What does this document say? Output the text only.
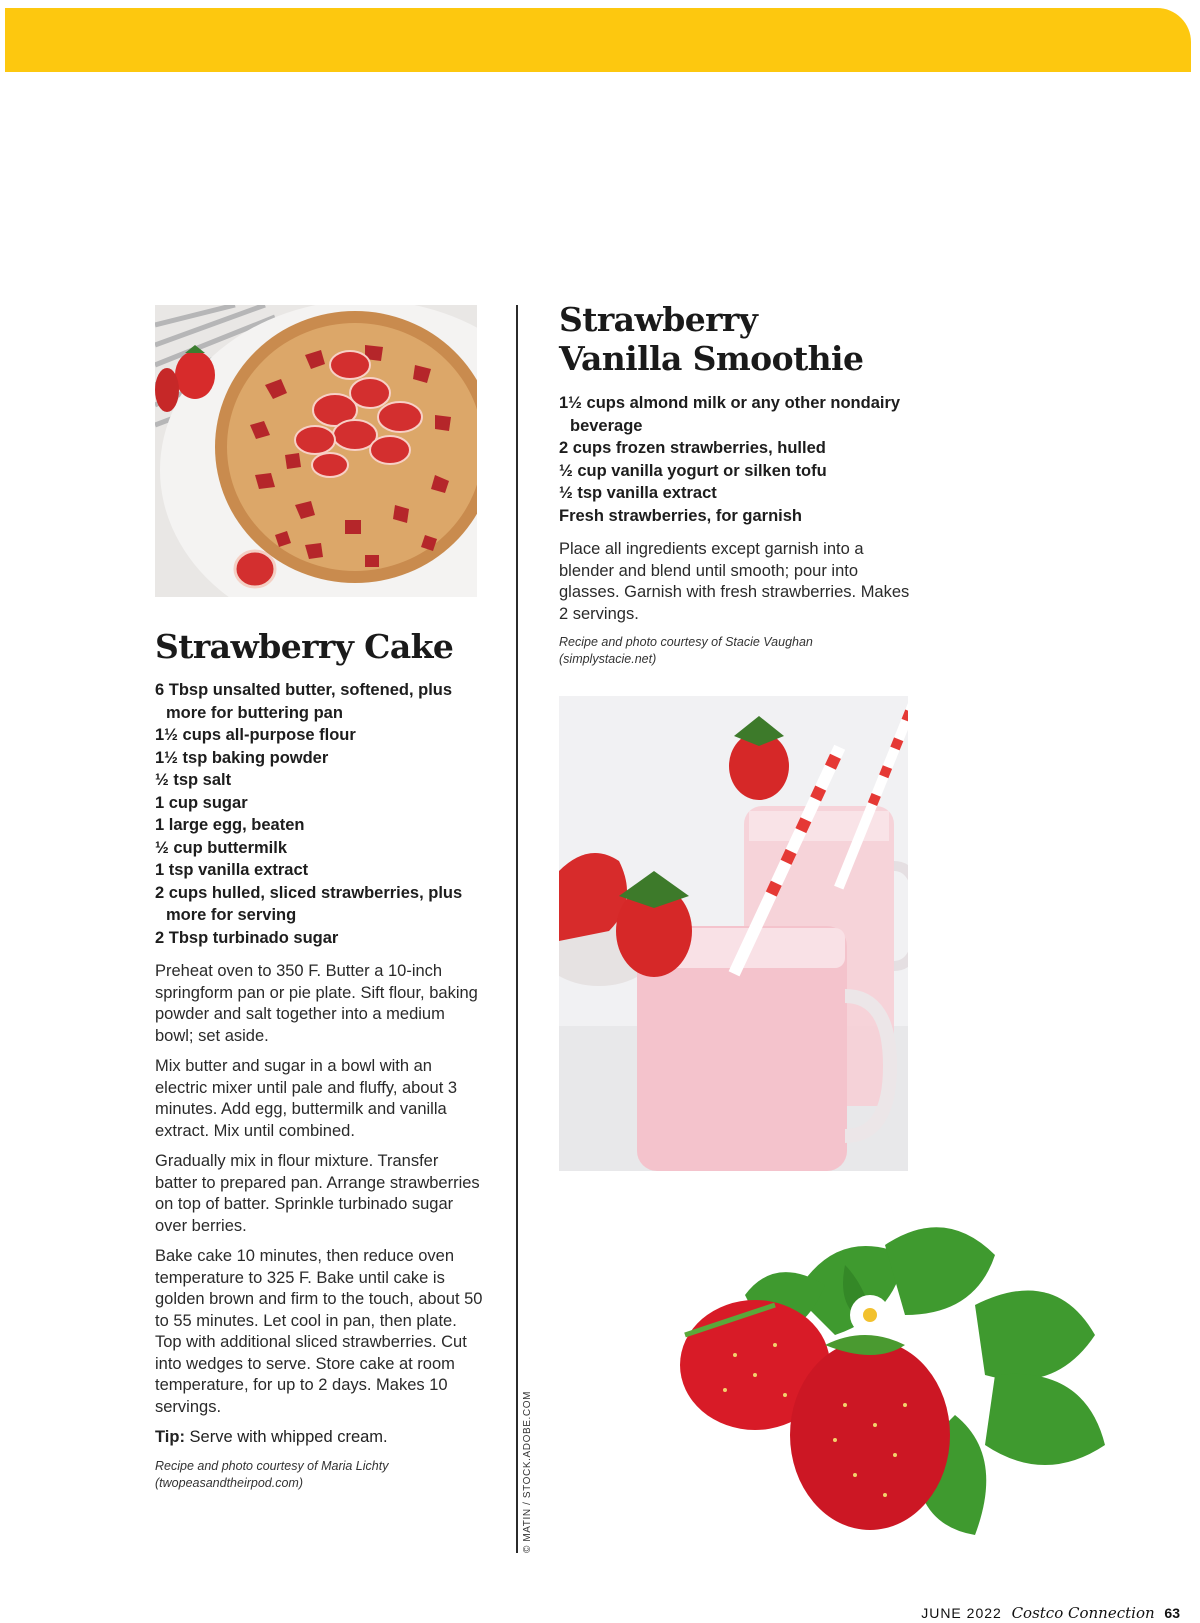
Strawberry Cake
6 Tbsp unsalted butter, softened, plus more for buttering pan
1½ cups all-purpose flour
1½ tsp baking powder
½ tsp salt
1 cup sugar
1 large egg, beaten
½ cup buttermilk
1 tsp vanilla extract
2 cups hulled, sliced strawberries, plus more for serving
2 Tbsp turbinado sugar

Preheat oven to 350 F. Butter a 10-inch springform pan or pie plate. Sift flour, baking powder and salt together into a medium bowl; set aside.

Mix butter and sugar in a bowl with an electric mixer until pale and fluffy, about 3 minutes. Add egg, buttermilk and vanilla extract. Mix until combined.

Gradually mix in flour mixture. Transfer batter to prepared pan. Arrange strawberries on top of batter. Sprinkle turbinado sugar over berries.

Bake cake 10 minutes, then reduce oven temperature to 325 F. Bake until cake is golden brown and firm to the touch, about 50 to 55 minutes. Let cool in pan, then plate. Top with additional sliced strawberries. Cut into wedges to serve. Store cake at room temperature, for up to 2 days. Makes 10 servings.

Tip: Serve with whipped cream.

Recipe and photo courtesy of Maria Lichty
(twopeasandtheirpod.com)	© MATIN / STOCK.ADOBE.COM
Strawberry
Vanilla Smoothie
1½ cups almond milk or any other nondairy beverage
2 cups frozen strawberries, hulled
½ cup vanilla yogurt or silken tofu
½ tsp vanilla extract
Fresh strawberries, for garnish

Place all ingredients except garnish into a blender and blend until smooth; pour into glasses. Garnish with fresh strawberries. Makes 2 servings.

Recipe and photo courtesy of Stacie Vaughan
(simplystacie.net)

JUNE 2022 Costco Connection 63
